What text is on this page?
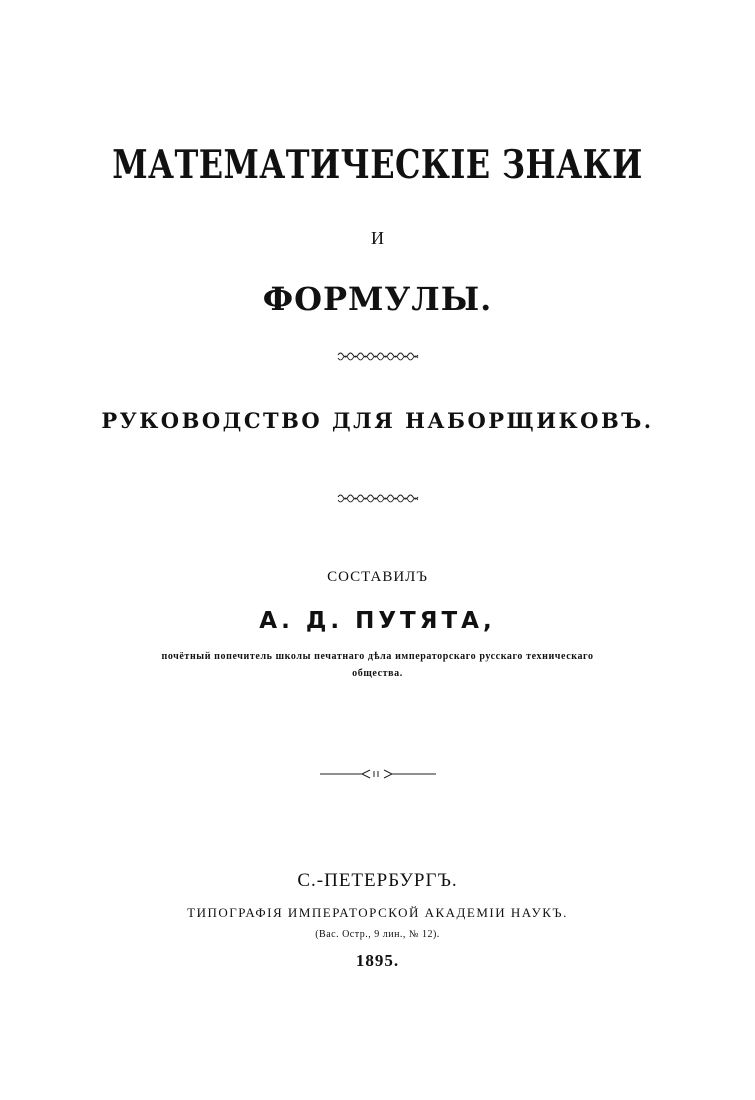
МАТЕМАТИЧЕСКІЕ ЗНАКИ
И
ФОРМУЛЫ.
РУКОВОДСТВО ДЛЯ НАБОРЩИКОВЪ.
СОСТАВИЛЪ
А. Д. ПУТЯТА,
почётный попечитель школы печатнаго дѣла императорскаго русскаго техническаго
общества.
С.-ПЕТЕРБУРГЪ.
ТИПОГРАФІЯ ИМПЕРАТОРСКОЙ АКАДЕМІИ НАУКЪ.
(Вас. Остр., 9 лин., № 12).
1895.
